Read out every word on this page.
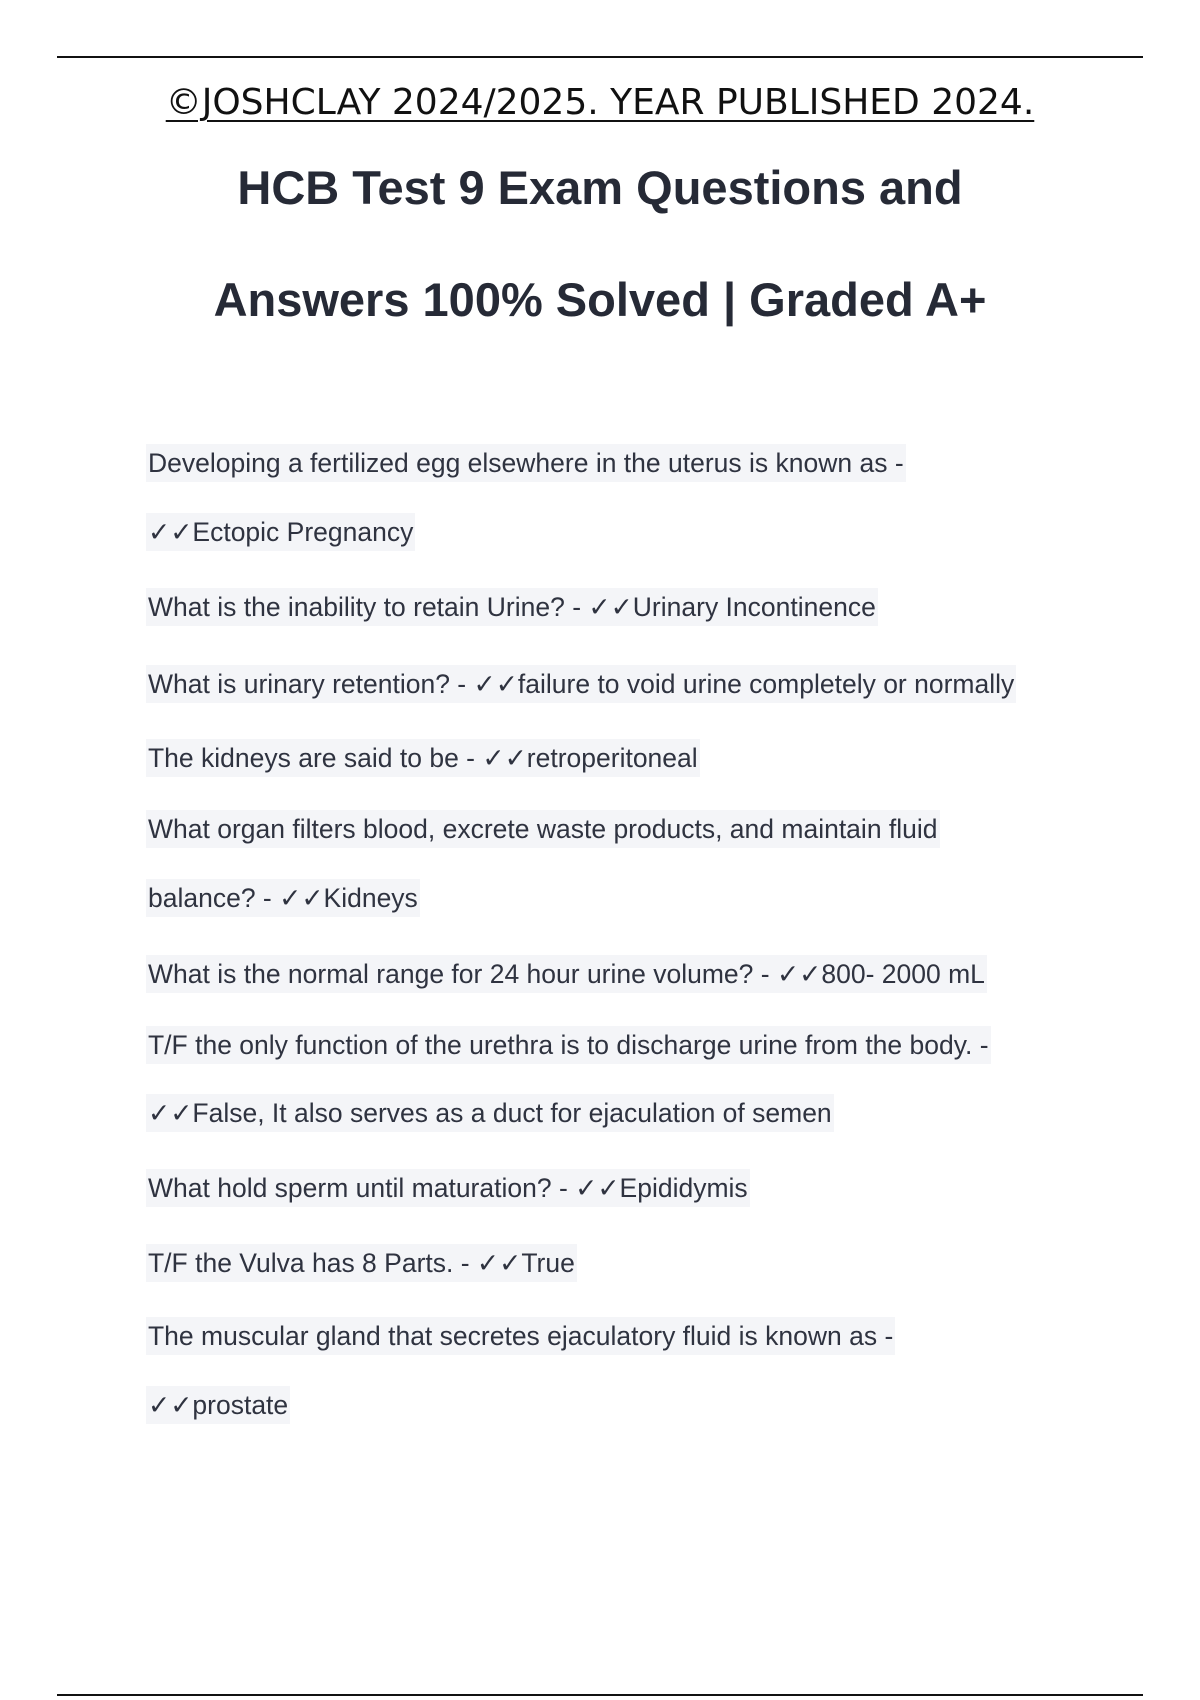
©JOSHCLAY 2024/2025. YEAR PUBLISHED 2024.
HCB Test 9 Exam Questions and
Answers 100% Solved | Graded A+
Developing a fertilized egg elsewhere in the uterus is known as -
✓✓Ectopic Pregnancy
What is the inability to retain Urine? - ✓✓Urinary Incontinence
What is urinary retention? - ✓✓failure to void urine completely or normally
The kidneys are said to be - ✓✓retroperitoneal
What organ filters blood, excrete waste products, and maintain fluid
balance? - ✓✓Kidneys
What is the normal range for 24 hour urine volume? - ✓✓800- 2000 mL
T/F the only function of the urethra is to discharge urine from the body. -
✓✓False, It also serves as a duct for ejaculation of semen
What hold sperm until maturation? - ✓✓Epididymis
T/F the Vulva has 8 Parts. - ✓✓True
The muscular gland that secretes ejaculatory fluid is known as -
✓✓prostate
